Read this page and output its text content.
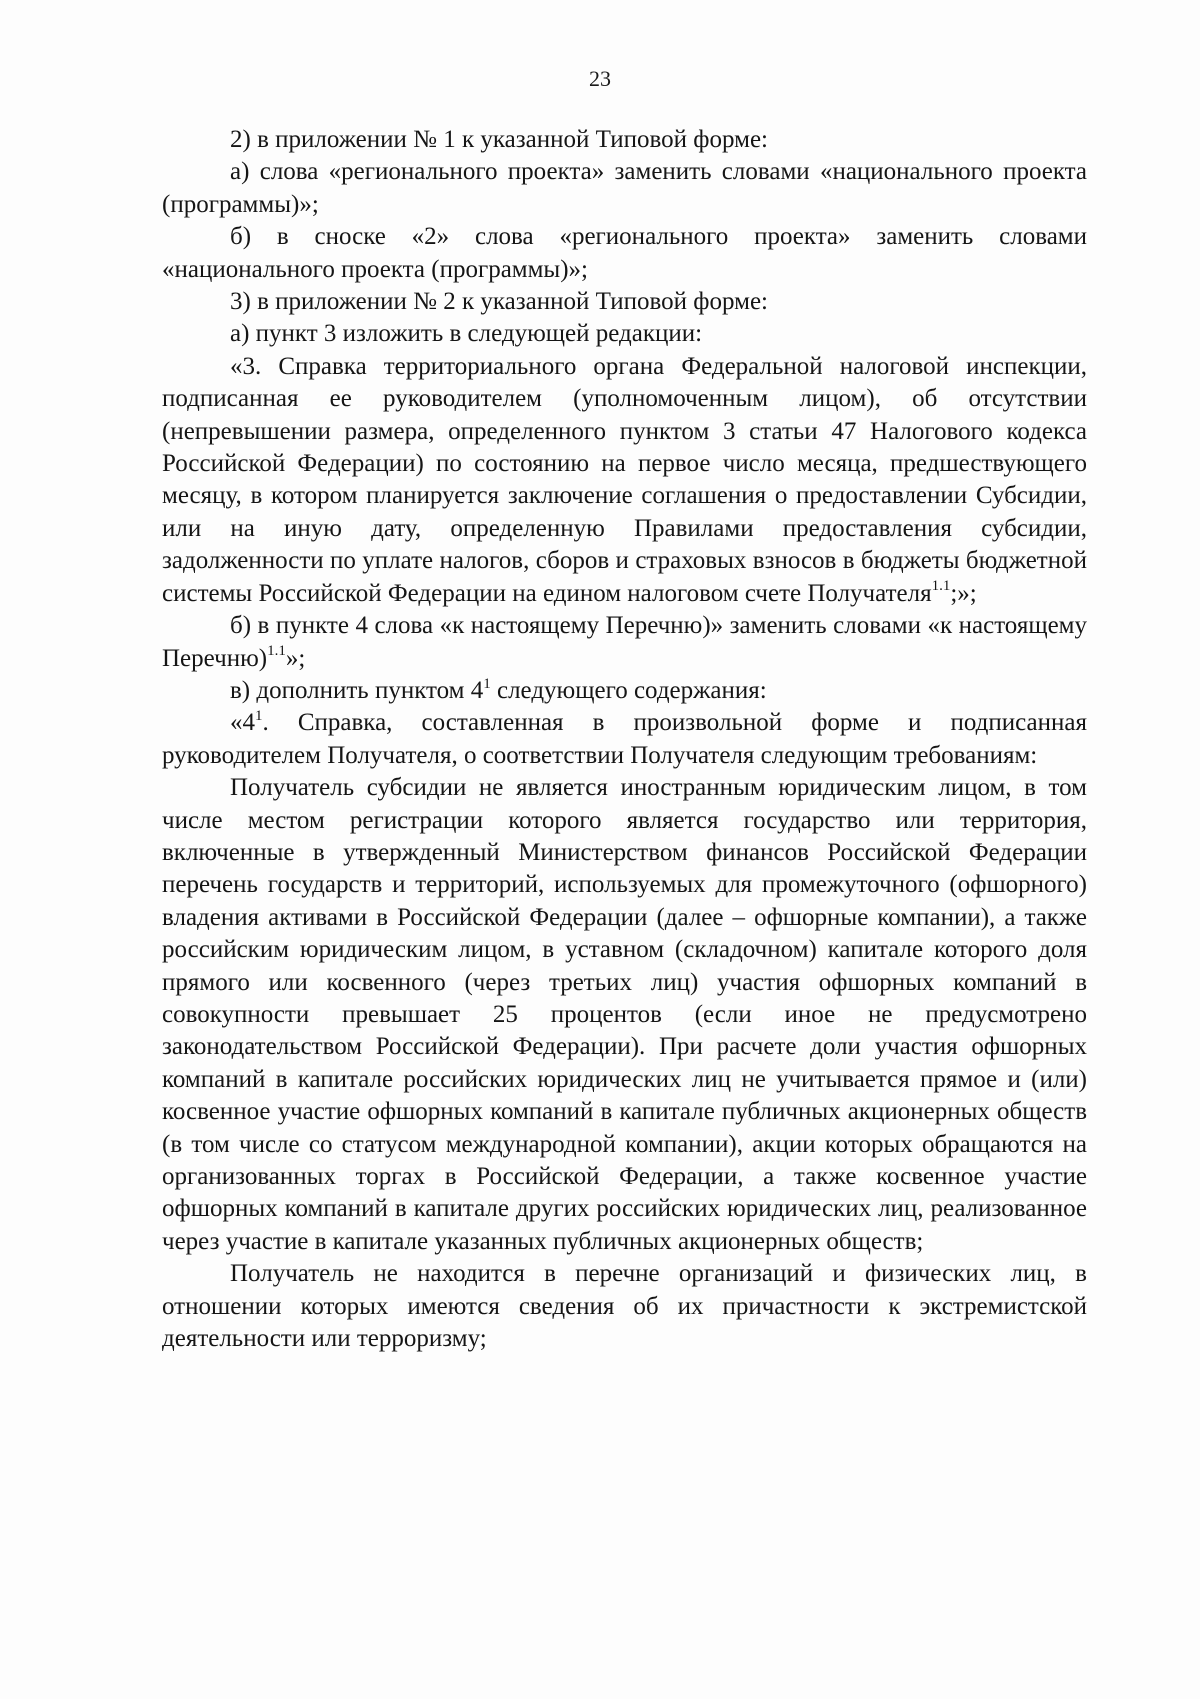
23

2) в приложении № 1 к указанной Типовой форме:

а) слова «регионального проекта» заменить словами «национального проекта (программы)»;

б) в сноске «2» слова «регионального проекта» заменить словами «национального проекта (программы)»;

3) в приложении № 2 к указанной Типовой форме:

а) пункт 3 изложить в следующей редакции:

«3. Справка территориального органа Федеральной налоговой инспекции, подписанная ее руководителем (уполномоченным лицом), об отсутствии (непревышении размера, определенного пунктом 3 статьи 47 Налогового кодекса Российской Федерации) по состоянию на первое число месяца, предшествующего месяцу, в котором планируется заключение соглашения о предоставлении Субсидии, или на иную дату, определенную Правилами предоставления субсидии, задолженности по уплате налогов, сборов и страховых взносов в бюджеты бюджетной системы Российской Федерации на едином налоговом счете Получателя$^{1.1}$;»;

б) в пункте 4 слова «к настоящему Перечню)» заменить словами «к настоящему Перечню)$^{1.1}$»;

в) дополнить пунктом $4^1$ следующего содержания:

«$4^1$. Справка, составленная в произвольной форме и подписанная руководителем Получателя, о соответствии Получателя следующим требованиям:

Получатель субсидии не является иностранным юридическим лицом, в том числе местом регистрации которого является государство или территория, включенные в утвержденный Министерством финансов Российской Федерации перечень государств и территорий, используемых для промежуточного (офшорного) владения активами в Российской Федерации (далее – офшорные компании), а также российским юридическим лицом, в уставном (складочном) капитале которого доля прямого или косвенного (через третьих лиц) участия офшорных компаний в совокупности превышает 25 процентов (если иное не предусмотрено законодательством Российской Федерации). При расчете доли участия офшорных компаний в капитале российских юридических лиц не учитывается прямое и (или) косвенное участие офшорных компаний в капитале публичных акционерных обществ (в том числе со статусом международной компании), акции которых обращаются на организованных торгах в Российской Федерации, а также косвенное участие офшорных компаний в капитале других российских юридических лиц, реализованное через участие в капитале указанных публичных акционерных обществ;

Получатель не находится в перечне организаций и физических лиц, в отношении которых имеются сведения об их причастности к экстремистской деятельности или терроризму;
